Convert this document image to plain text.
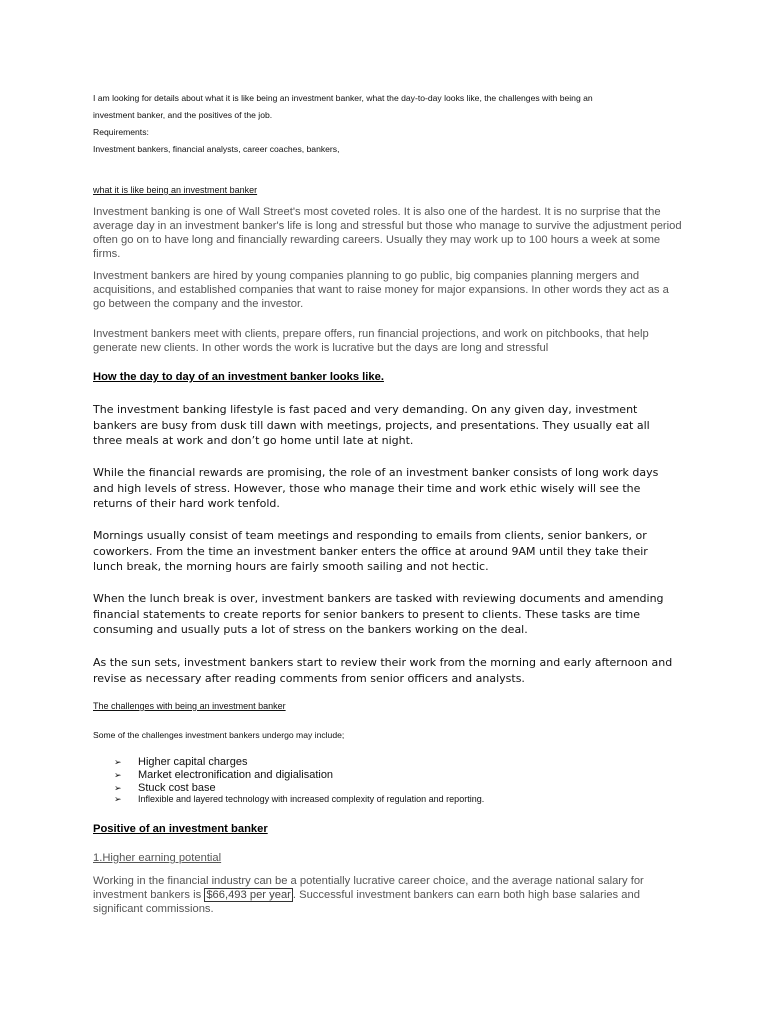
I am looking for details about what it is like being an investment banker, what the day-to-day looks like, the challenges with being an

investment banker, and the positives of the job.

Requirements:

Investment bankers, financial analysts, career coaches, bankers,

what it is like being an investment banker
Investment banking is one of Wall Street's most coveted roles. It is also one of the hardest. It is no surprise that the average day in an investment banker's life is long and stressful but those who manage to survive the adjustment period often go on to have long and financially rewarding careers. Usually they may work up to 100 hours a week at some firms.
Investment bankers are hired by young companies planning to go public, big companies planning mergers and acquisitions, and established companies that want to raise money for major expansions. In other words they act as a go between the company and the investor.
Investment bankers meet with clients, prepare offers, run financial projections, and work on pitchbooks, that help generate new clients. In other words the work is lucrative but the days are long and stressful
How the day to day of an investment banker looks like.
The investment banking lifestyle is fast paced and very demanding. On any given day, investment bankers are busy from dusk till dawn with meetings, projects, and presentations. They usually eat all three meals at work and don’t go home until late at night.
While the financial rewards are promising, the role of an investment banker consists of long work days and high levels of stress. However, those who manage their time and work ethic wisely will see the returns of their hard work tenfold.
Mornings usually consist of team meetings and responding to emails from clients, senior bankers, or coworkers. From the time an investment banker enters the office at around 9AM until they take their lunch break, the morning hours are fairly smooth sailing and not hectic.
When the lunch break is over, investment bankers are tasked with reviewing documents and amending financial statements to create reports for senior bankers to present to clients. These tasks are time consuming and usually puts a lot of stress on the bankers working on the deal.
As the sun sets, investment bankers start to review their work from the morning and early afternoon and revise as necessary after reading comments from senior officers and analysts.
The challenges with being an investment banker
Some of the challenges investment bankers undergo may include;
➢	Higher capital charges
➢	Market electronification and digialisation
➢	Stuck cost base
➢	Inflexible and layered technology with increased complexity of regulation and reporting.
Positive of an investment banker
1.Higher earning potential
Working in the financial industry can be a potentially lucrative career choice, and the average national salary for investment bankers is $66,493 per year . Successful investment bankers can earn both high base salaries and significant commissions.
